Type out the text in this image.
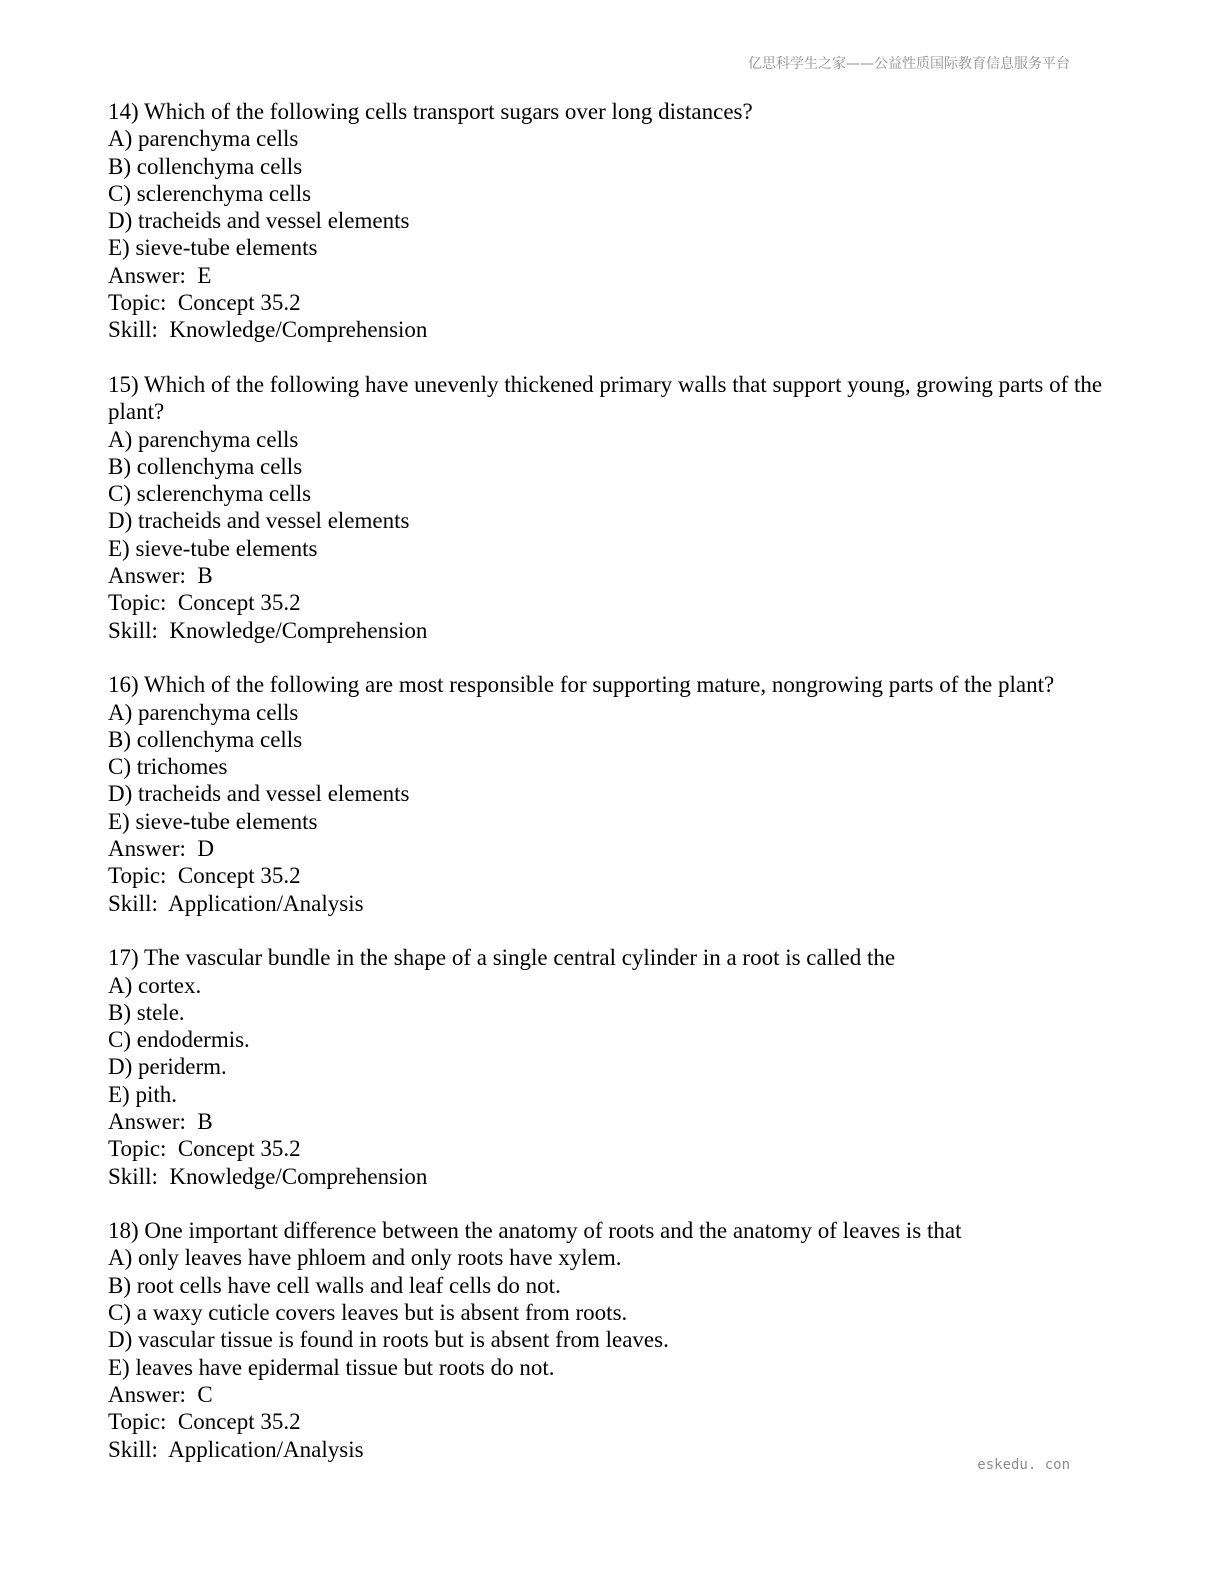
亿思科学生之家——公益性质国际教育信息服务平台
14) Which of the following cells transport sugars over long distances?
A) parenchyma cells
B) collenchyma cells
C) sclerenchyma cells
D) tracheids and vessel elements
E) sieve-tube elements
Answer:  E
Topic:  Concept 35.2
Skill:  Knowledge/Comprehension
15) Which of the following have unevenly thickened primary walls that support young, growing parts of the plant?
A) parenchyma cells
B) collenchyma cells
C) sclerenchyma cells
D) tracheids and vessel elements
E) sieve-tube elements
Answer:  B
Topic:  Concept 35.2
Skill:  Knowledge/Comprehension
16) Which of the following are most responsible for supporting mature, nongrowing parts of the plant?
A) parenchyma cells
B) collenchyma cells
C) trichomes
D) tracheids and vessel elements
E) sieve-tube elements
Answer:  D
Topic:  Concept 35.2
Skill:  Application/Analysis
17) The vascular bundle in the shape of a single central cylinder in a root is called the
A) cortex.
B) stele.
C) endodermis.
D) periderm.
E) pith.
Answer:  B
Topic:  Concept 35.2
Skill:  Knowledge/Comprehension
18) One important difference between the anatomy of roots and the anatomy of leaves is that
A) only leaves have phloem and only roots have xylem.
B) root cells have cell walls and leaf cells do not.
C) a waxy cuticle covers leaves but is absent from roots.
D) vascular tissue is found in roots but is absent from leaves.
E) leaves have epidermal tissue but roots do not.
Answer:  C
Topic:  Concept 35.2
Skill:  Application/Analysis
eskedu. con
